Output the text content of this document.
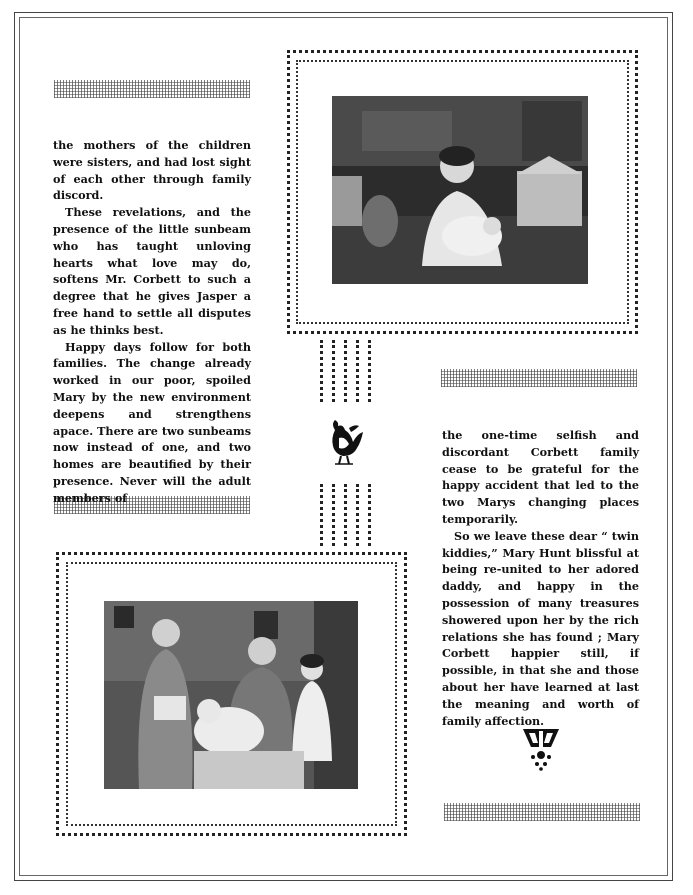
the mothers of the children were sisters, and had lost sight of each other through family discord.

These revelations, and the presence of the little sunbeam who has taught unloving hearts what love may do, softens Mr. Corbett to such a degree that he gives Jasper a free hand to settle all disputes as he thinks best.

Happy days follow for both families. The change already worked in our poor, spoiled Mary by the new environment deepens and strengthens apace. There are two sunbeams now instead of one, and two homes are beautified by their presence. Never will the adult members of

the one-time selfish and discordant Corbett family cease to be grateful for the happy accident that led to the two Marys changing places temporarily.

So we leave these dear “ twin kiddies,” Mary Hunt blissful at being re-united to her adored daddy, and happy in the possession of many treasures showered upon her by the rich relations she has found ; Mary Corbett happier still, if possible, in that she and those about her have learned at last the meaning and worth of family affection.
